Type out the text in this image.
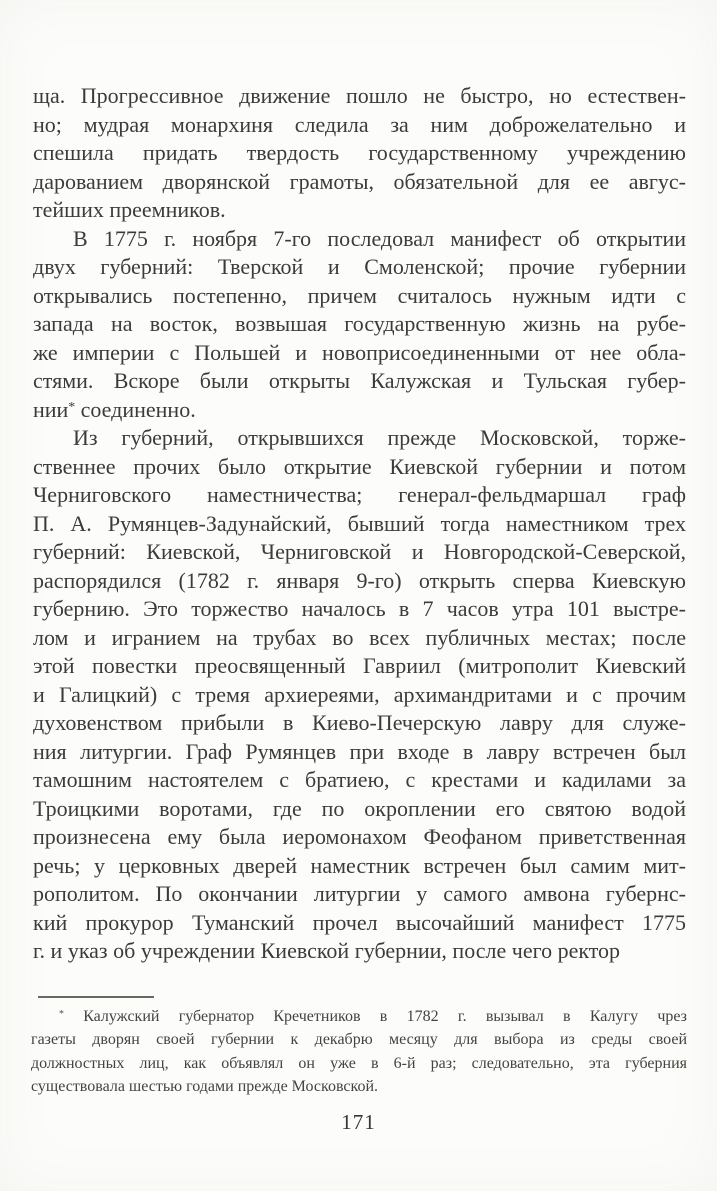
ща. Прогрессивное движение пошло не быстро, но естествен-
но; мудрая монархиня следила за ним доброжелательно и
спешила придать твердость государственному учреждению
дарованием дворянской грамоты, обязательной для ее авгус-
тейших преемников.
В 1775 г. ноября 7-го последовал манифест об открытии
двух губерний: Тверской и Смоленской; прочие губернии
открывались постепенно, причем считалось нужным идти с
запада на восток, возвышая государственную жизнь на рубе-
же империи с Польшей и новоприсоединенными от нее обла-
стями. Вскоре были открыты Калужская и Тульская губер-
нии* соединенно.
Из губерний, открывшихся прежде Московской, торже-
ственнее прочих было открытие Киевской губернии и потом
Черниговского наместничества; генерал-фельдмаршал граф
П. А. Румянцев-Задунайский, бывший тогда наместником трех
губерний: Киевской, Черниговской и Новгородской-Северской,
распорядился (1782 г. января 9-го) открыть сперва Киевскую
губернию. Это торжество началось в 7 часов утра 101 выстре-
лом и игранием на трубах во всех публичных местах; после
этой повестки преосвященный Гавриил (митрополит Киевский
и Галицкий) с тремя архиереями, архимандритами и с прочим
духовенством прибыли в Киево-Печерскую лавру для служе-
ния литургии. Граф Румянцев при входе в лавру встречен был
тамошним настоятелем с братиею, с крестами и кадилами за
Троицкими воротами, где по окроплении его святою водой
произнесена ему была иеромонахом Феофаном приветственная
речь; у церковных дверей наместник встречен был самим мит-
рополитом. По окончании литургии у самого амвона губернс-
кий прокурор Туманский прочел высочайший манифест 1775
г. и указ об учреждении Киевской губернии, после чего ректор
* Калужский губернатор Кречетников в 1782 г. вызывал в Калугу чрез
газеты дворян своей губернии к декабрю месяцу для выбора из среды своей
должностных лиц, как объявлял он уже в 6-й раз; следовательно, эта губерния
существовала шестью годами прежде Московской.
171
